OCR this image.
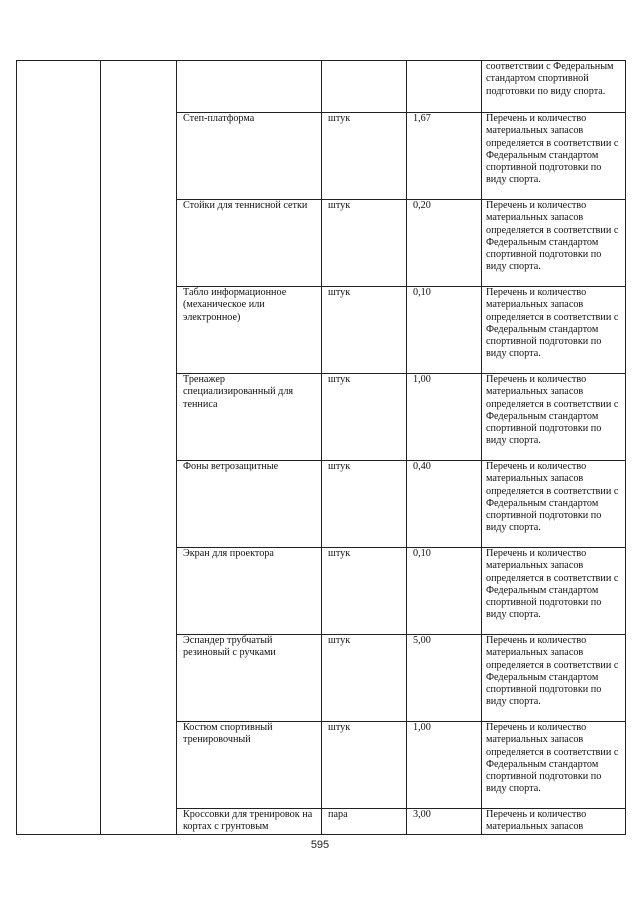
					соответствии с Федеральным стандартом спортивной подготовки по виду спорта.
		Степ-платформа	штук	1,67	Перечень и количество материальных запасов определяется в соответствии с Федеральным стандартом спортивной подготовки по виду спорта.
		Стойки для теннисной сетки	штук	0,20	Перечень и количество материальных запасов определяется в соответствии с Федеральным стандартом спортивной подготовки по виду спорта.
		Табло информационное (механическое или электронное)	штук	0,10	Перечень и количество материальных запасов определяется в соответствии с Федеральным стандартом спортивной подготовки по виду спорта.
		Тренажер специализированный для тенниса	штук	1,00	Перечень и количество материальных запасов определяется в соответствии с Федеральным стандартом спортивной подготовки по виду спорта.
		Фоны ветрозащитные	штук	0,40	Перечень и количество материальных запасов определяется в соответствии с Федеральным стандартом спортивной подготовки по виду спорта.
		Экран для проектора	штук	0,10	Перечень и количество материальных запасов определяется в соответствии с Федеральным стандартом спортивной подготовки по виду спорта.
		Эспандер трубчатый резиновый с ручками	штук	5,00	Перечень и количество материальных запасов определяется в соответствии с Федеральным стандартом спортивной подготовки по виду спорта.
		Костюм спортивный тренировочный	штук	1,00	Перечень и количество материальных запасов определяется в соответствии с Федеральным стандартом спортивной подготовки по виду спорта.
		Кроссовки для тренировок на кортах с грунтовым	пара	3,00	Перечень и количество материальных запасов
595
